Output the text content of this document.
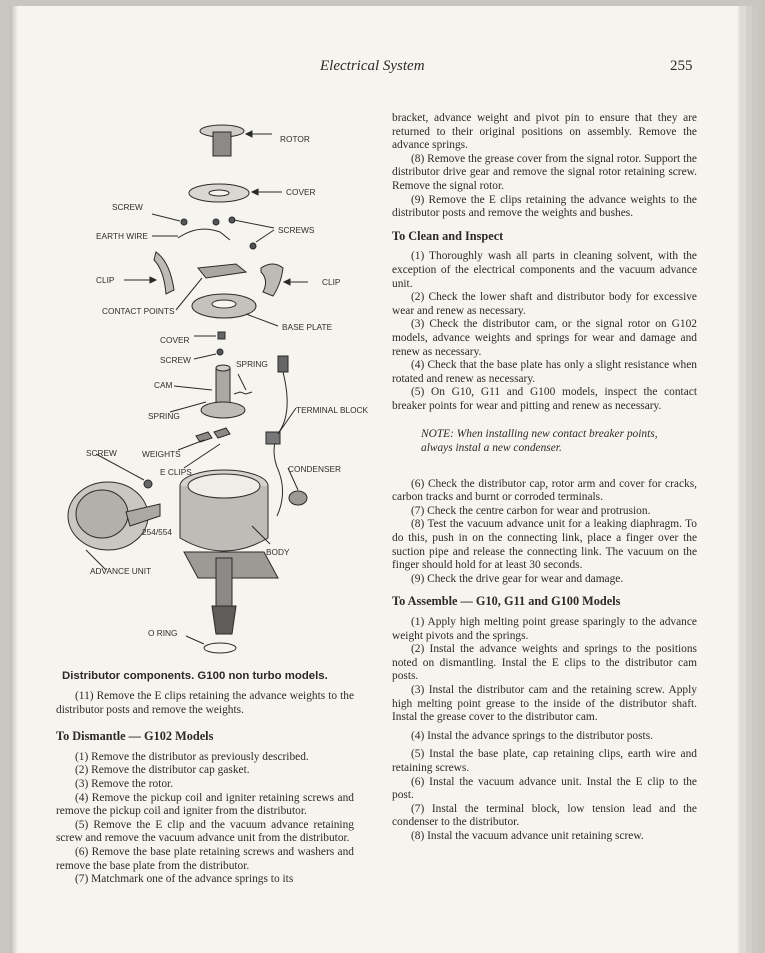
Electrical System	255
ROTOR
COVER
SCREW
SCREWS
EARTH WIRE
CLIP	CLIP
CONTACT POINTS
BASE PLATE
COVER
SCREW	SPRING
CAM
SPRING
TERMINAL BLOCK
SCREW	WEIGHTS
E CLIPS	CONDENSER
254/554
BODY
ADVANCE UNIT
O RING
Distributor components. G100 non turbo models.

(11) Remove the E clips retaining the advance weights to the distributor posts and remove the weights.

To Dismantle — G102 Models

(1) Remove the distributor as previously described.

(2) Remove the distributor cap gasket.

(3) Remove the rotor.

(4) Remove the pickup coil and igniter retaining screws and remove the pickup coil and igniter from the distributor.

(5) Remove the E clip and the vacuum advance retaining screw and remove the vacuum advance unit from the distributor.

(6) Remove the base plate retaining screws and washers and remove the base plate from the distributor.

(7) Matchmark one of the advance springs to its

bracket, advance weight and pivot pin to ensure that they are returned to their original positions on assembly. Remove the advance springs.

(8) Remove the grease cover from the signal rotor. Support the distributor drive gear and remove the signal rotor retaining screw. Remove the signal rotor.

(9) Remove the E clips retaining the advance weights to the distributor posts and remove the weights and bushes.

To Clean and Inspect

(1) Thoroughly wash all parts in cleaning solvent, with the exception of the electrical components and the vacuum advance unit.

(2) Check the lower shaft and distributor body for excessive wear and renew as necessary.

(3) Check the distributor cam, or the signal rotor on G102 models, advance weights and springs for wear and damage and renew as necessary.

(4) Check that the base plate has only a slight resistance when rotated and renew as necessary.

(5) On G10, G11 and G100 models, inspect the contact breaker points for wear and pitting and renew as necessary.

NOTE: When installing new contact breaker points, always instal a new condenser.

(6) Check the distributor cap, rotor arm and cover for cracks, carbon tracks and burnt or corroded terminals.

(7) Check the centre carbon for wear and protrusion.

(8) Test the vacuum advance unit for a leaking diaphragm. To do this, push in on the connecting link, place a finger over the suction pipe and release the connecting link. The vacuum on the finger should hold for at least 30 seconds.

(9) Check the drive gear for wear and damage.

To Assemble — G10, G11 and G100 Models

(1) Apply high melting point grease sparingly to the advance weight pivots and the springs.

(2) Instal the advance weights and springs to the positions noted on dismantling. Instal the E clips to the distributor cam posts.

(3) Instal the distributor cam and the retaining screw. Apply high melting point grease to the inside of the distributor shaft. Instal the grease cover to the distributor cam.

(4) Instal the advance springs to the distributor posts.

(5) Instal the base plate, cap retaining clips, earth wire and retaining screws.

(6) Instal the vacuum advance unit. Instal the E clip to the post.

(7) Instal the terminal block, low tension lead and the condenser to the distributor.

(8) Instal the vacuum advance unit retaining screw.
